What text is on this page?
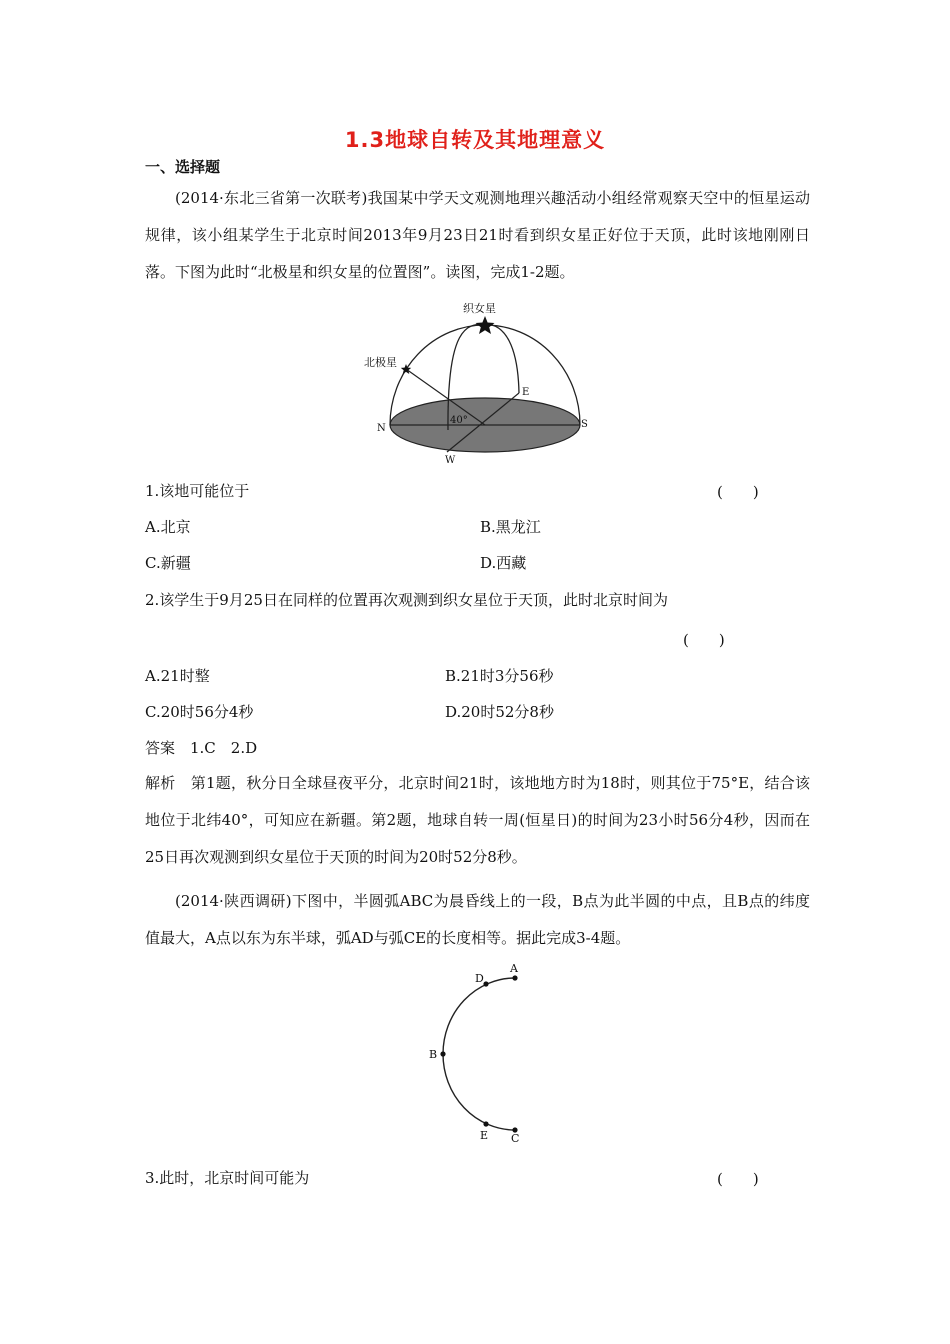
1.3地球自转及其地理意义
一、选择题
(2014·东北三省第一次联考)我国某中学天文观测地理兴趣活动小组经常观察天空中的恒星运动规律，该小组某学生于北京时间2013年9月23日21时看到织女星正好位于天顶，此时该地刚刚日落。下图为此时“北极星和织女星的位置图”。读图，完成1-2题。
织女星
北极星
N	S
E
W
40°
1.该地可能位于	(　　)
A.北京	B.黑龙江
C.新疆	D.西藏
2.该学生于9月25日在同样的位置再次观测到织女星位于天顶，此时北京时间为
(　　)
A.21时整	B.21时3分56秒
C.20时56分4秒	D.20时52分8秒
答案　1.C　2.D
解析　第1题，秋分日全球昼夜平分，北京时间21时，该地地方时为18时，则其位于75°E，结合该地位于北纬40°，可知应在新疆。第2题，地球自转一周(恒星日)的时间为23小时56分4秒，因而在25日再次观测到织女星位于天顶的时间为20时52分8秒。
(2014·陕西调研)下图中，半圆弧ABC为晨昏线上的一段，B点为此半圆的中点，且B点的纬度值最大，A点以东为东半球，弧AD与弧CE的长度相等。据此完成3-4题。
A
D
B
E C
3.此时，北京时间可能为	(　　)
